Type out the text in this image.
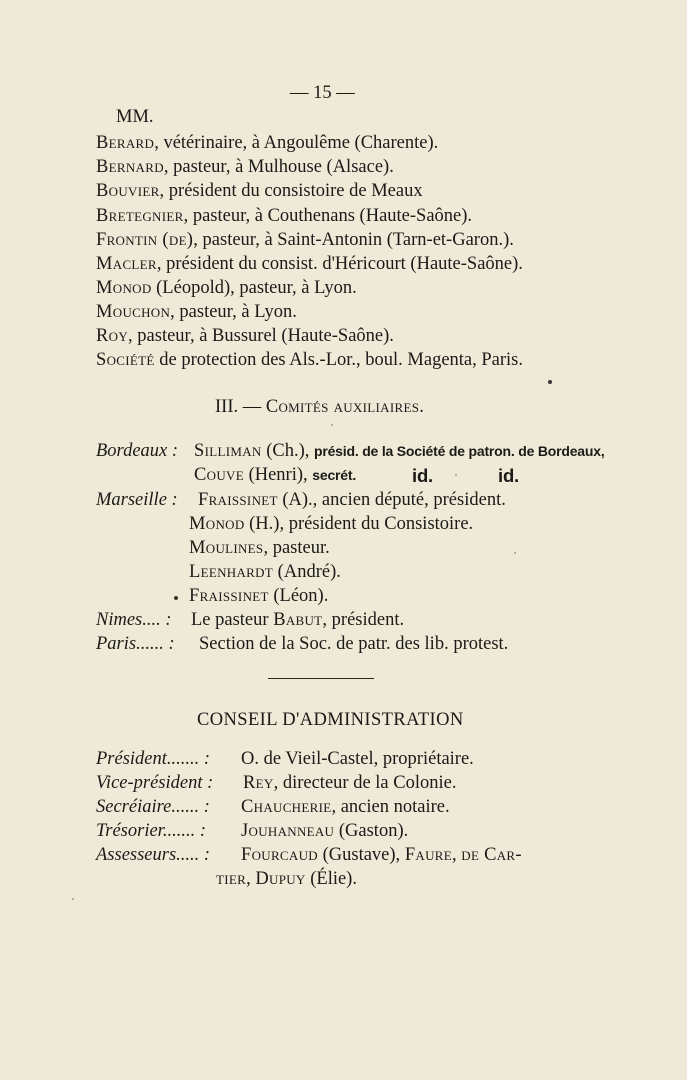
— 15 —
MM.
Berard, vétérinaire, à Angoulême (Charente).
Bernard, pasteur, à Mulhouse (Alsace).
Bouvier, président du consistoire de Meaux
Bretegnier, pasteur, à Couthenans (Haute-Saône).
Frontin (de), pasteur, à Saint-Antonin (Tarn-et-Garon.).
Macler, président du consist. d'Héricourt (Haute-Saône).
Monod (Léopold), pasteur, à Lyon.
Mouchon, pasteur, à Lyon.
Roy, pasteur, à Bussurel (Haute-Saône).
Société de protection des Als.-Lor., boul. Magenta, Paris.
III. — Comités auxiliaires.
Bordeaux : Silliman (Ch.), présid. de la Société de patron. de Bordeaux,
Couve (Henri), secrét.	id.	id.
Marseille : Fraissinet (A)., ancien député, président.
Monod (H.), président du Consistoire.
Moulines, pasteur.
Leenhardt (André).
Fraissinet (Léon).
Nimes.... : Le pasteur Babut, président.
Paris...... : Section de la Soc. de patr. des lib. protest.
CONSEIL D'ADMINISTRATION
Président....... : O. de Vieil-Castel, propriétaire.
Vice-président : Rey, directeur de la Colonie.
Secréiaire...... : Chaucherie, ancien notaire.
Trésorier....... : Jouhanneau (Gaston).
Assesseurs..... : Fourcaud (Gustave), Faure, de Car-
tier, Dupuy (Élie).
